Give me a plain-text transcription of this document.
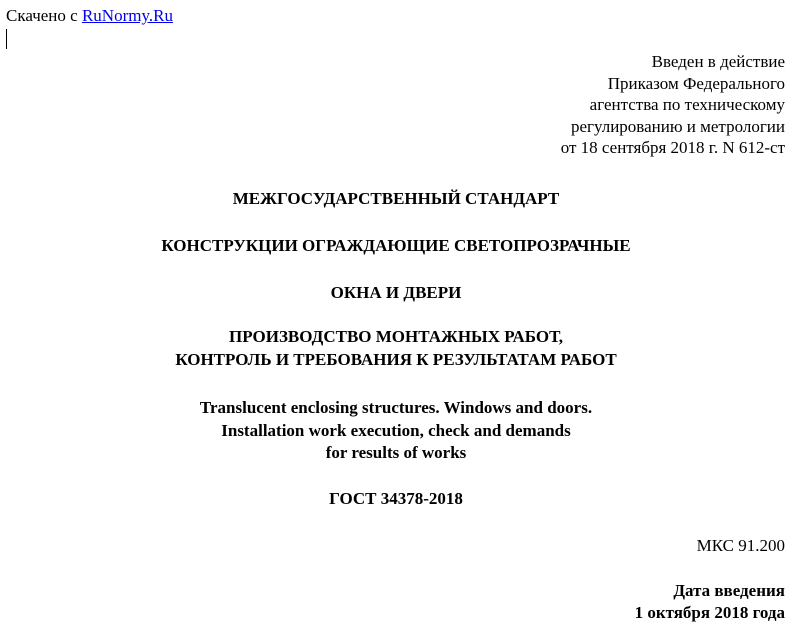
Скачено с RuNormy.Ru
Введен в действие
Приказом Федерального
агентства по техническому
регулированию и метрологии
от 18 сентября 2018 г. N 612-ст
МЕЖГОСУДАРСТВЕННЫЙ СТАНДАРТ
КОНСТРУКЦИИ ОГРАЖДАЮЩИЕ СВЕТОПРОЗРАЧНЫЕ
ОКНА И ДВЕРИ
ПРОИЗВОДСТВО МОНТАЖНЫХ РАБОТ,
КОНТРОЛЬ И ТРЕБОВАНИЯ К РЕЗУЛЬТАТАМ РАБОТ
Translucent enclosing structures. Windows and doors.
Installation work execution, check and demands
for results of works
ГОСТ 34378-2018
МКС 91.200
Дата введения
1 октября 2018 года
